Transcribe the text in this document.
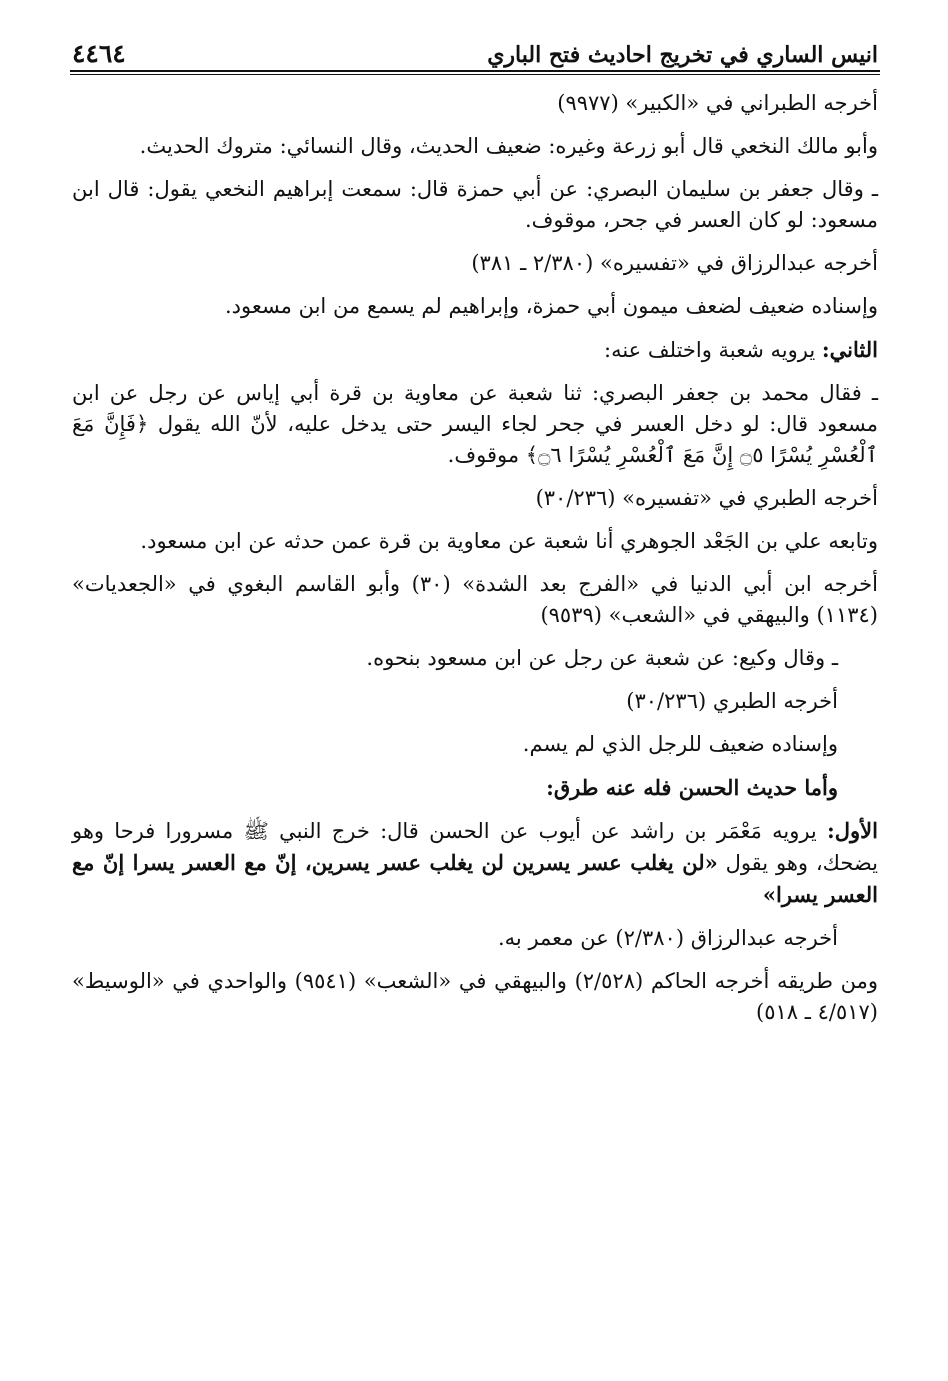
٤٤٦٤	انيس الساري في تخريج احاديث فتح الباري

أخرجه الطبراني في «الكبير» (٩٩٧٧)

وأبو مالك النخعي قال أبو زرعة وغيره: ضعيف الحديث، وقال النسائي: متروك الحديث.

ـ وقال جعفر بن سليمان البصري: عن أبي حمزة قال: سمعت إبراهيم النخعي يقول: قال ابن مسعود: لو كان العسر في جحر، موقوف.

أخرجه عبدالرزاق في «تفسيره» (٢/٣٨٠ ـ ٣٨١)

وإسناده ضعيف لضعف ميمون أبي حمزة، وإبراهيم لم يسمع من ابن مسعود.

الثاني: يرويه شعبة واختلف عنه:

ـ فقال محمد بن جعفر البصري: ثنا شعبة عن معاوية بن قرة أبي إياس عن رجل عن ابن مسعود قال: لو دخل العسر في جحر لجاء اليسر حتى يدخل عليه، لأنّ الله يقول ﴿فَإِنَّ مَعَ ٱلْعُسْرِ يُسْرًا ۝٥ إِنَّ مَعَ ٱلْعُسْرِ يُسْرًا ۝٦﴾ موقوف.

أخرجه الطبري في «تفسيره» (٣٠/٢٣٦)

وتابعه علي بن الجَعْد الجوهري أنا شعبة عن معاوية بن قرة عمن حدثه عن ابن مسعود.

أخرجه ابن أبي الدنيا في «الفرج بعد الشدة» (٣٠) وأبو القاسم البغوي في «الجعديات» (١١٣٤) والبيهقي في «الشعب» (٩٥٣٩)

ـ وقال وكيع: عن شعبة عن رجل عن ابن مسعود بنحوه.

أخرجه الطبري (٣٠/٢٣٦)

وإسناده ضعيف للرجل الذي لم يسم.

وأما حديث الحسن فله عنه طرق:

الأول: يرويه مَعْمَر بن راشد عن أيوب عن الحسن قال: خرج النبي ﷺ مسرورا فرحا وهو يضحك، وهو يقول «لن يغلب عسر يسرين لن يغلب عسر يسرين، إنّ مع العسر يسرا إنّ مع العسر يسرا»

أخرجه عبدالرزاق (٢/٣٨٠) عن معمر به.

ومن طريقه أخرجه الحاكم (٢/٥٢٨) والبيهقي في «الشعب» (٩٥٤١) والواحدي في «الوسيط» (٤/٥١٧ ـ ٥١٨)
